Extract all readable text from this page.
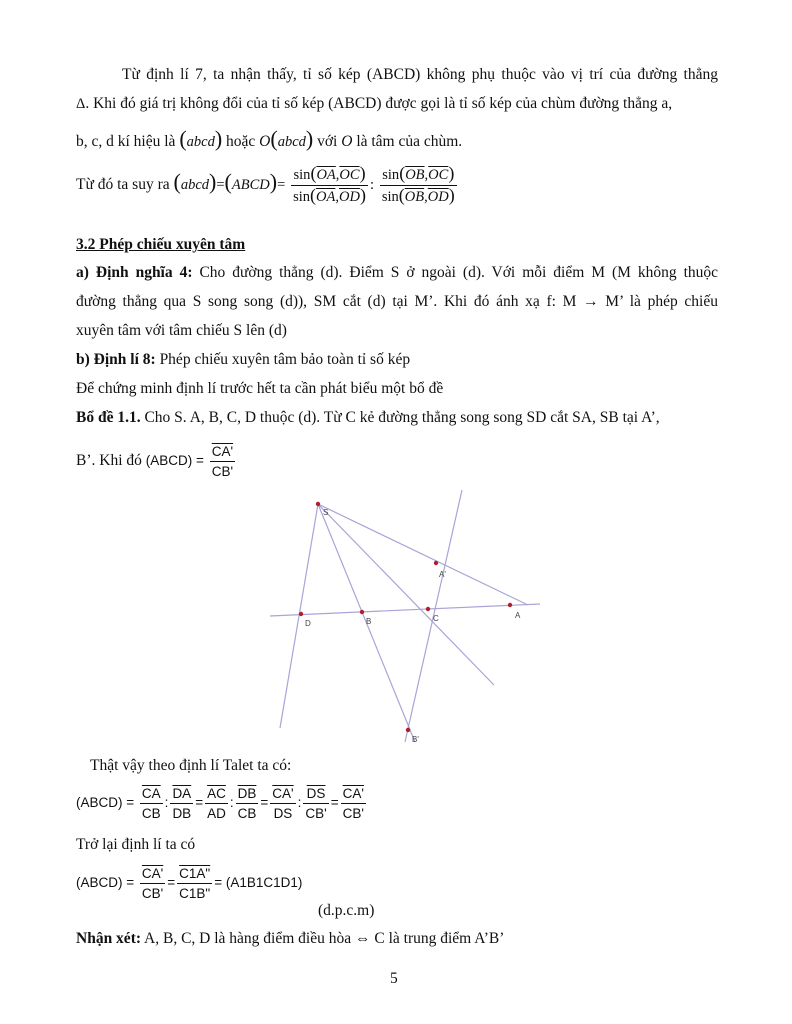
Từ định lí 7, ta nhận thấy, tỉ số kép (ABCD) không phụ thuộc vào vị trí của đường thẳng
Δ. Khi đó giá trị không đổi của tỉ số kép (ABCD) được gọi là tỉ số kép của chùm đường thẳng a,
b, c, d kí hiệu là (abcd) hoặc O(abcd) với O là tâm của chùm.
Từ đó ta suy ra (abcd)=(ABCD)= $\frac{\sin(\overline{OA},\overline{OC})}{\sin(\overline{OA},\overline{OD})}$ : $\frac{\sin(\overline{OB},\overline{OC})}{\sin(\overline{OB},\overline{OD})}$
3.2 Phép chiếu xuyên tâm
a) Định nghĩa 4: Cho đường thẳng (d). Điểm S ở ngoài (d). Với mỗi điểm M (M không thuộc
đường thẳng qua S song song (d)), SM cắt (d) tại M’. Khi đó ánh xạ f: M → M’ là phép chiếu
xuyên tâm với tâm chiếu S lên (d)
b) Định lí 8: Phép chiếu xuyên tâm bảo toàn tỉ số kép
Để chứng minh định lí trước hết ta cần phát biểu một bổ đề
Bổ đề 1.1. Cho S. A, B, C, D thuộc (d). Từ C kẻ đường thẳng song song SD cắt SA, SB tại A’,
B’. Khi đó (ABCD) = $\frac{CA'}{CB'}$
S
A'
A
D	B	C
B'
Thật vậy theo định lí Talet ta có:
(ABCD) = $\frac{\overline{CA}}{CB}$ : $\frac{\overline{DA}}{DB} = \frac{\overline{AC}}{AD}$ : $\frac{\overline{DB}}{CB} = \frac{CA'}{DS}$ : $\frac{\overline{DS}}{CB'} = \frac{CA'}{CB'}$
Trở lại định lí ta có
(ABCD) = $\frac{CA'}{CB'} = \frac{C1A"}{C1B"} = (A1B1C1D1)$
(d.p.c.m)
Nhận xét: A, B, C, D là hàng điểm điều hòa ⇔ C là trung điểm A’B’
5
